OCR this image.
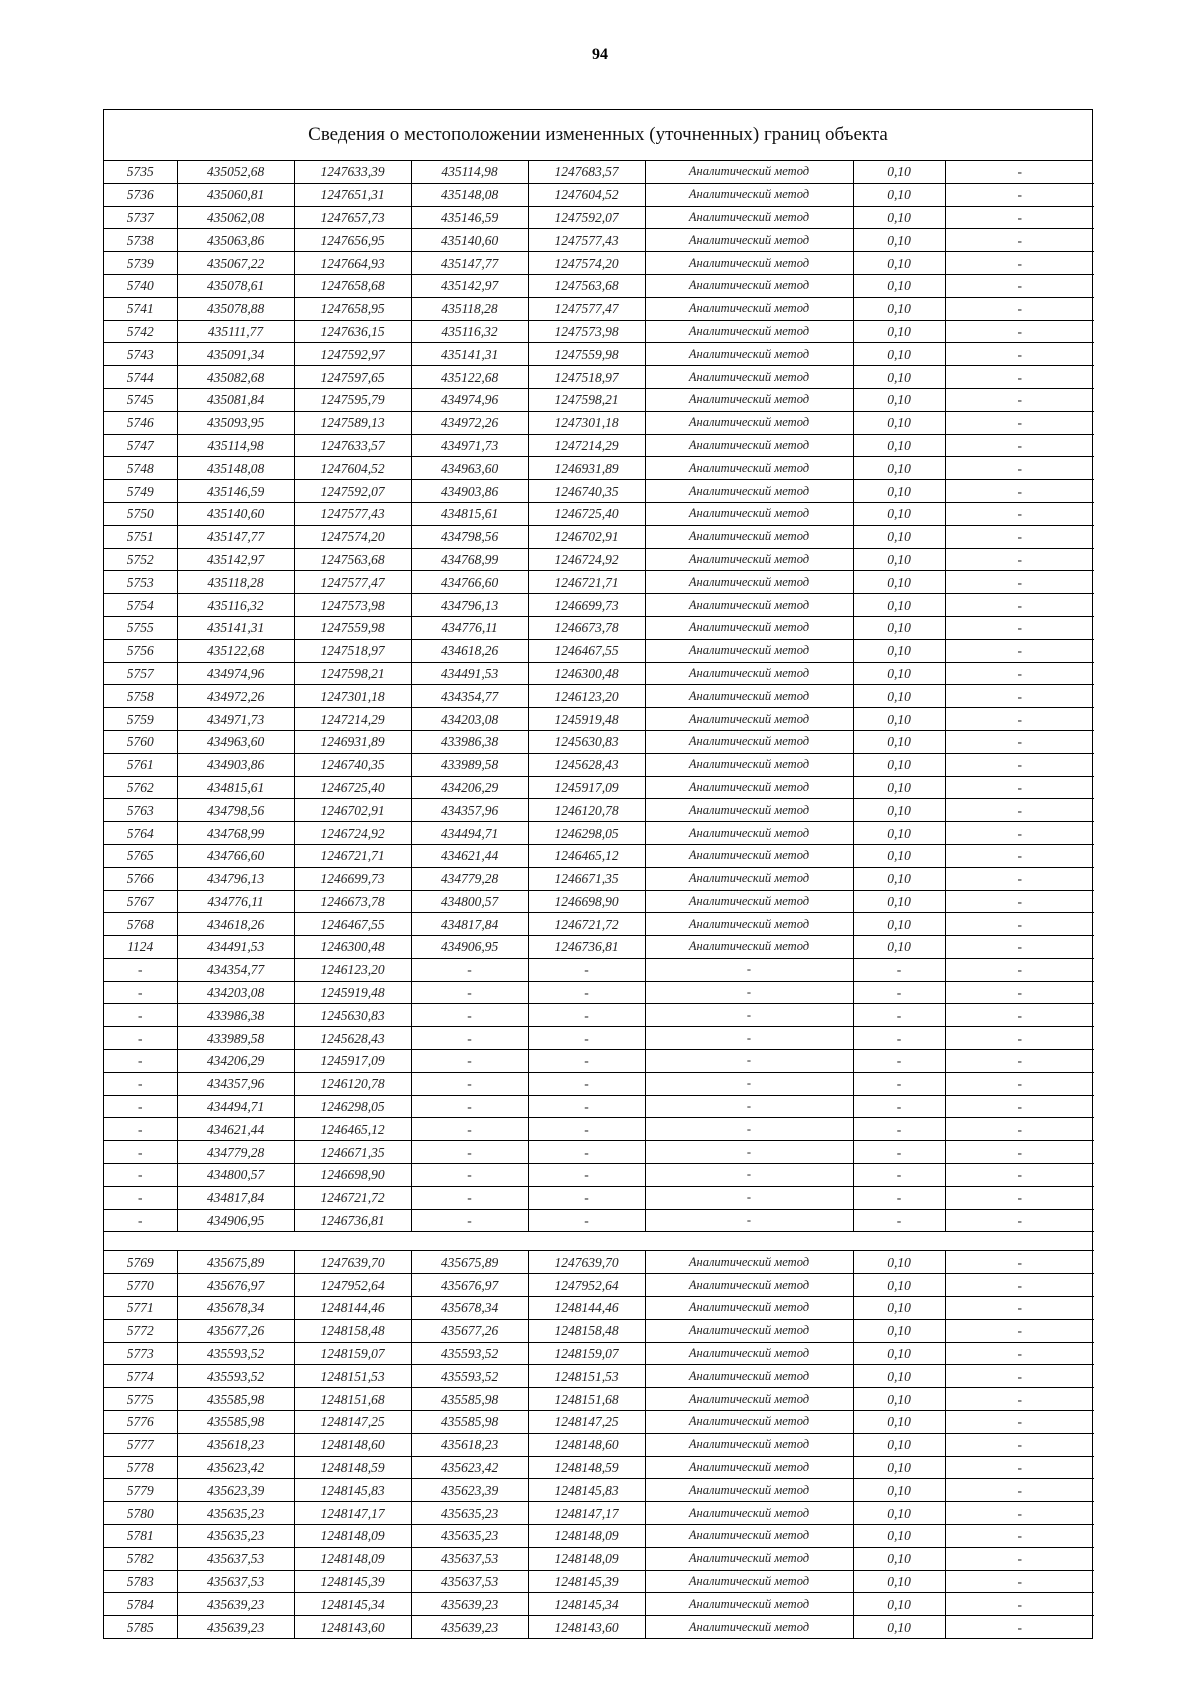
94
Сведения о местоположении измененных (уточненных) границ объекта
5735	435052,68	1247633,39	435114,98	1247683,57	Аналитический метод	0,10	-
5736	435060,81	1247651,31	435148,08	1247604,52	Аналитический метод	0,10	-
5737	435062,08	1247657,73	435146,59	1247592,07	Аналитический метод	0,10	-
5738	435063,86	1247656,95	435140,60	1247577,43	Аналитический метод	0,10	-
5739	435067,22	1247664,93	435147,77	1247574,20	Аналитический метод	0,10	-
5740	435078,61	1247658,68	435142,97	1247563,68	Аналитический метод	0,10	-
5741	435078,88	1247658,95	435118,28	1247577,47	Аналитический метод	0,10	-
5742	435111,77	1247636,15	435116,32	1247573,98	Аналитический метод	0,10	-
5743	435091,34	1247592,97	435141,31	1247559,98	Аналитический метод	0,10	-
5744	435082,68	1247597,65	435122,68	1247518,97	Аналитический метод	0,10	-
5745	435081,84	1247595,79	434974,96	1247598,21	Аналитический метод	0,10	-
5746	435093,95	1247589,13	434972,26	1247301,18	Аналитический метод	0,10	-
5747	435114,98	1247633,57	434971,73	1247214,29	Аналитический метод	0,10	-
5748	435148,08	1247604,52	434963,60	1246931,89	Аналитический метод	0,10	-
5749	435146,59	1247592,07	434903,86	1246740,35	Аналитический метод	0,10	-
5750	435140,60	1247577,43	434815,61	1246725,40	Аналитический метод	0,10	-
5751	435147,77	1247574,20	434798,56	1246702,91	Аналитический метод	0,10	-
5752	435142,97	1247563,68	434768,99	1246724,92	Аналитический метод	0,10	-
5753	435118,28	1247577,47	434766,60	1246721,71	Аналитический метод	0,10	-
5754	435116,32	1247573,98	434796,13	1246699,73	Аналитический метод	0,10	-
5755	435141,31	1247559,98	434776,11	1246673,78	Аналитический метод	0,10	-
5756	435122,68	1247518,97	434618,26	1246467,55	Аналитический метод	0,10	-
5757	434974,96	1247598,21	434491,53	1246300,48	Аналитический метод	0,10	-
5758	434972,26	1247301,18	434354,77	1246123,20	Аналитический метод	0,10	-
5759	434971,73	1247214,29	434203,08	1245919,48	Аналитический метод	0,10	-
5760	434963,60	1246931,89	433986,38	1245630,83	Аналитический метод	0,10	-
5761	434903,86	1246740,35	433989,58	1245628,43	Аналитический метод	0,10	-
5762	434815,61	1246725,40	434206,29	1245917,09	Аналитический метод	0,10	-
5763	434798,56	1246702,91	434357,96	1246120,78	Аналитический метод	0,10	-
5764	434768,99	1246724,92	434494,71	1246298,05	Аналитический метод	0,10	-
5765	434766,60	1246721,71	434621,44	1246465,12	Аналитический метод	0,10	-
5766	434796,13	1246699,73	434779,28	1246671,35	Аналитический метод	0,10	-
5767	434776,11	1246673,78	434800,57	1246698,90	Аналитический метод	0,10	-
5768	434618,26	1246467,55	434817,84	1246721,72	Аналитический метод	0,10	-
1124	434491,53	1246300,48	434906,95	1246736,81	Аналитический метод	0,10	-
-	434354,77	1246123,20	-	-	-	-	-
-	434203,08	1245919,48	-	-	-	-	-
-	433986,38	1245630,83	-	-	-	-	-
-	433989,58	1245628,43	-	-	-	-	-
-	434206,29	1245917,09	-	-	-	-	-
-	434357,96	1246120,78	-	-	-	-	-
-	434494,71	1246298,05	-	-	-	-	-
-	434621,44	1246465,12	-	-	-	-	-
-	434779,28	1246671,35	-	-	-	-	-
-	434800,57	1246698,90	-	-	-	-	-
-	434817,84	1246721,72	-	-	-	-	-
-	434906,95	1246736,81	-	-	-	-	-

5769	435675,89	1247639,70	435675,89	1247639,70	Аналитический метод	0,10	-
5770	435676,97	1247952,64	435676,97	1247952,64	Аналитический метод	0,10	-
5771	435678,34	1248144,46	435678,34	1248144,46	Аналитический метод	0,10	-
5772	435677,26	1248158,48	435677,26	1248158,48	Аналитический метод	0,10	-
5773	435593,52	1248159,07	435593,52	1248159,07	Аналитический метод	0,10	-
5774	435593,52	1248151,53	435593,52	1248151,53	Аналитический метод	0,10	-
5775	435585,98	1248151,68	435585,98	1248151,68	Аналитический метод	0,10	-
5776	435585,98	1248147,25	435585,98	1248147,25	Аналитический метод	0,10	-
5777	435618,23	1248148,60	435618,23	1248148,60	Аналитический метод	0,10	-
5778	435623,42	1248148,59	435623,42	1248148,59	Аналитический метод	0,10	-
5779	435623,39	1248145,83	435623,39	1248145,83	Аналитический метод	0,10	-
5780	435635,23	1248147,17	435635,23	1248147,17	Аналитический метод	0,10	-
5781	435635,23	1248148,09	435635,23	1248148,09	Аналитический метод	0,10	-
5782	435637,53	1248148,09	435637,53	1248148,09	Аналитический метод	0,10	-
5783	435637,53	1248145,39	435637,53	1248145,39	Аналитический метод	0,10	-
5784	435639,23	1248145,34	435639,23	1248145,34	Аналитический метод	0,10	-
5785	435639,23	1248143,60	435639,23	1248143,60	Аналитический метод	0,10	-
